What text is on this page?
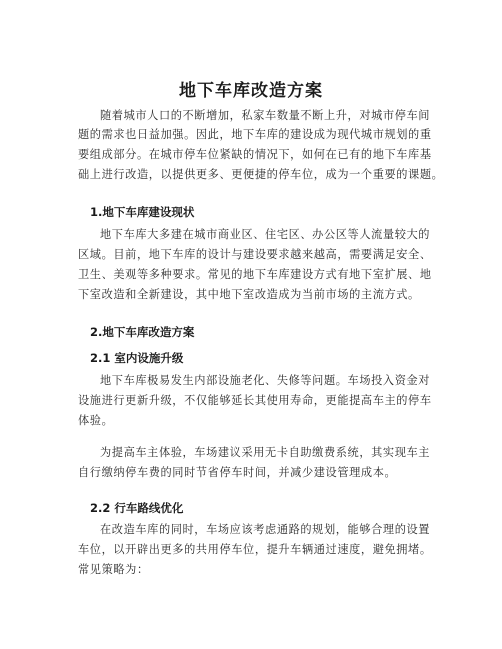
地下车库改造方案

随着城市人口的不断增加，私家车数量不断上升，对城市停车间

题的需求也日益加强。因此，地下车库的建设成为现代城市规划的重

要组成部分。在城市停车位紧缺的情况下，如何在已有的地下车库基

础上进行改造，以提供更多、更便捷的停车位，成为一个重要的课题。

1.地下车库建设现状

地下车库大多建在城市商业区、住宅区、办公区等人流量较大的

区域。目前，地下车库的设计与建设要求越来越高，需要满足安全、

卫生、美观等多种要求。常见的地下车库建设方式有地下室扩展、地

下室改造和全新建设，其中地下室改造成为当前市场的主流方式。

2.地下车库改造方案
2.1 室内设施升级

地下车库极易发生内部设施老化、失修等问题。车场投入资金对

设施进行更新升级，不仅能够延长其使用寿命，更能提高车主的停车

体验。

为提高车主体验，车场建议采用无卡自助缴费系统，其实现车主

自行缴纳停车费的同时节省停车时间，并减少建设管理成本。

2.2 行车路线优化

在改造车库的同时，车场应该考虑通路的规划，能够合理的设置

车位，以开辟出更多的共用停车位，提升车辆通过速度，避免拥堵。

常见策略为：
